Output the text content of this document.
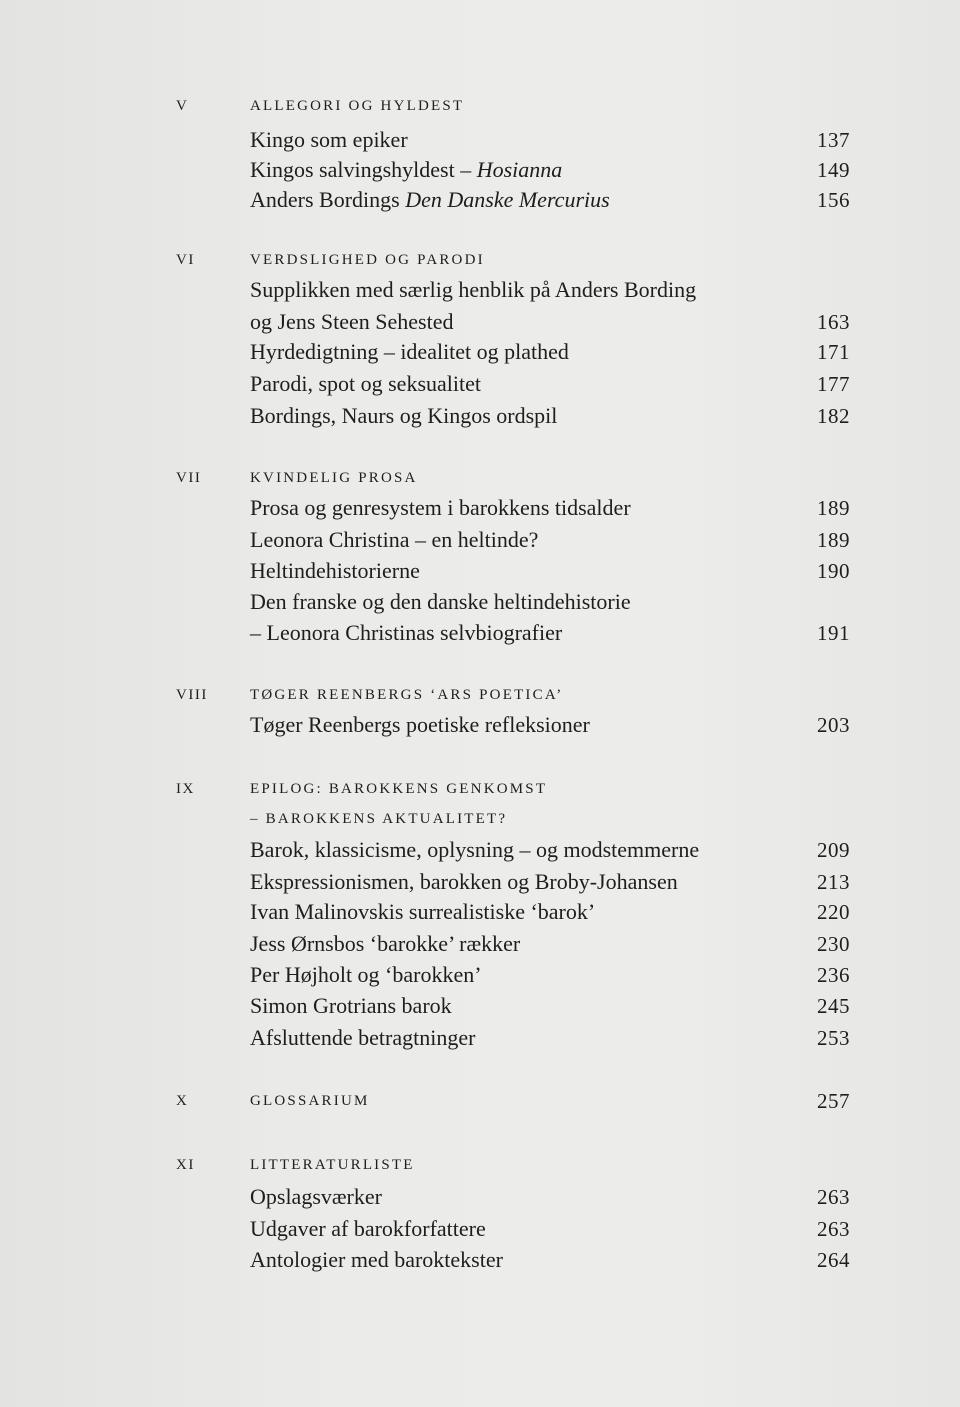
V	ALLEGORI OG HYLDEST
Kingo som epiker	137
Kingos salvingshyldest – Hosianna	149
Anders Bordings Den Danske Mercurius	156
VI	VERDSLIGHED OG PARODI
Supplikken med særlig henblik på Anders Bording
og Jens Steen Sehested	163
Hyrdedigtning – idealitet og plathed	171
Parodi, spot og seksualitet	177
Bordings, Naurs og Kingos ordspil	182
VII	KVINDELIG PROSA
Prosa og genresystem i barokkens tidsalder	189
Leonora Christina – en heltinde?	189
Heltindehistorierne	190
Den franske og den danske heltindehistorie
– Leonora Christinas selvbiografier	191
VIII	TØGER REENBERGS ‘ARS POETICA’
Tøger Reenbergs poetiske refleksioner	203
IX	EPILOG: BAROKKENS GENKOMST
– BAROKKENS AKTUALITET?
Barok, klassicisme, oplysning – og modstemmerne	209
Ekspressionismen, barokken og Broby-Johansen	213
Ivan Malinovskis surrealistiske ‘barok’	220
Jess Ørnsbos ‘barokke’ rækker	230
Per Højholt og ‘barokken’	236
Simon Grotrians barok	245
Afsluttende betragtninger	253
X	GLOSSARIUM	257
XI	LITTERATURLISTE
Opslagsværker	263
Udgaver af barokforfattere	263
Antologier med baroktekster	264
